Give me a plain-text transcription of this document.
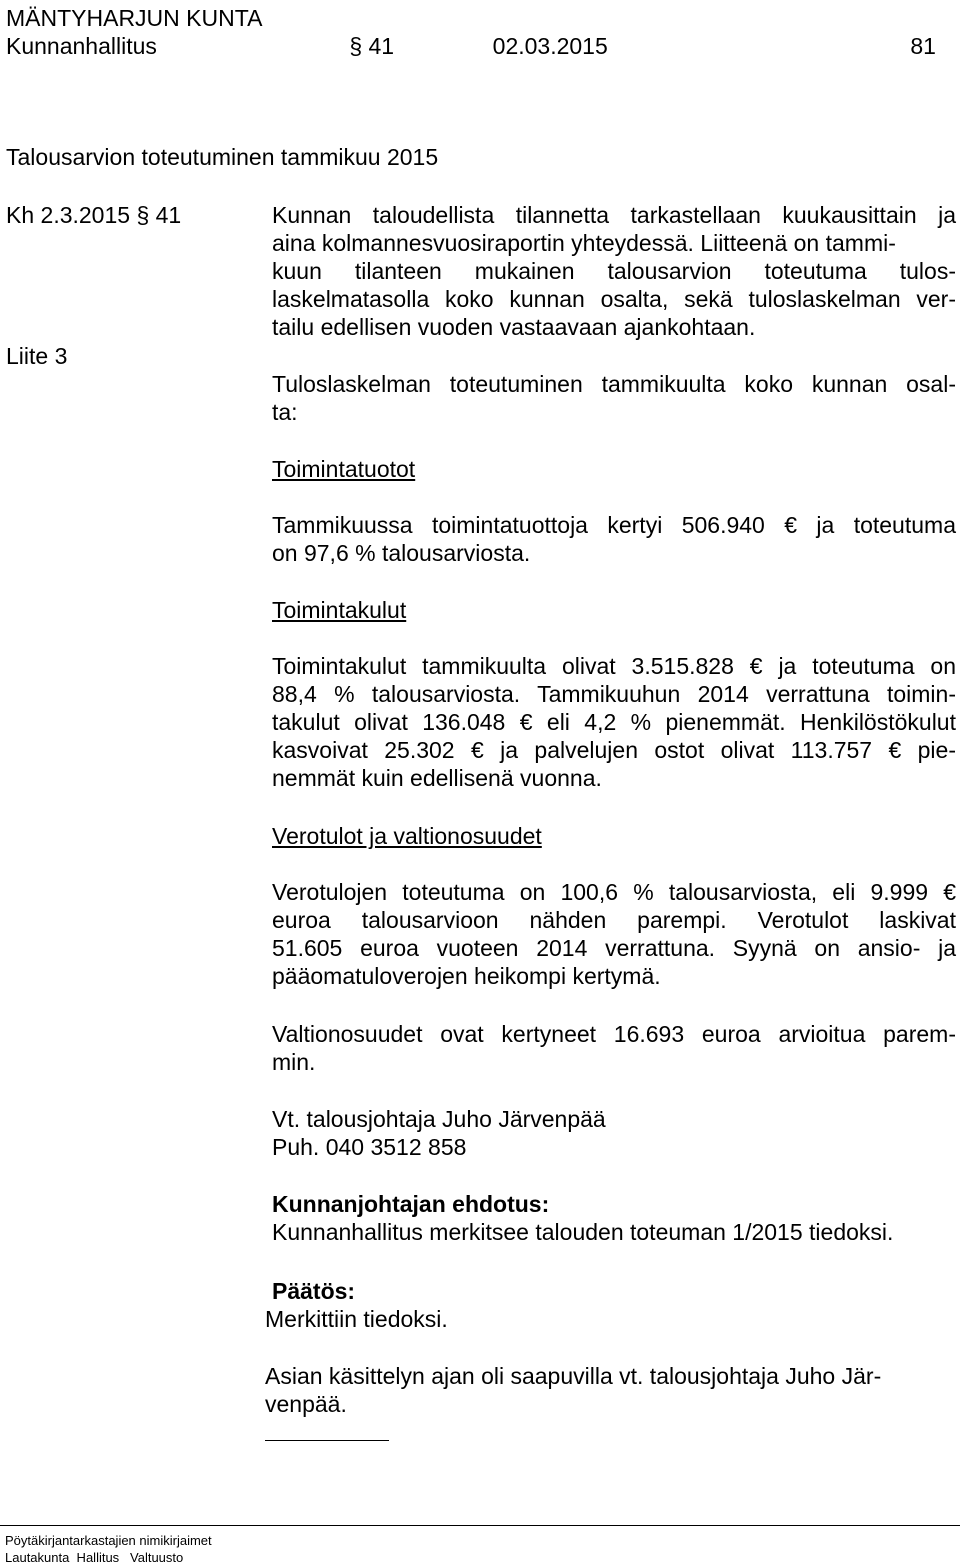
MÄNTYHARJUN KUNTA
Kunnanhallitus	§ 41	02.03.2015	81
Talousarvion toteutuminen tammikuu 2015
Kh 2.3.2015 § 41
Liite 3
Kunnan taloudellista tilannetta tarkastellaan kuukausittain ja
aina kolmannesvuosiraportin yhteydessä. Liitteenä on tammi-
kuun tilanteen mukainen talousarvion toteutuma tulos-
laskelmatasolla koko kunnan osalta, sekä tuloslaskelman ver-
tailu edellisen vuoden vastaavaan ajankohtaan.
Tuloslaskelman toteutuminen tammikuulta koko kunnan osal-
ta:
Toimintatuotot
Tammikuussa toimintatuottoja kertyi 506.940 € ja toteutuma
on 97,6 % talousarviosta.
Toimintakulut
Toimintakulut tammikuulta olivat 3.515.828 € ja toteutuma on
88,4 % talousarviosta. Tammikuuhun 2014 verrattuna toimin-
takulut olivat 136.048 € eli 4,2 % pienemmät. Henkilöstökulut
kasvoivat 25.302 € ja palvelujen ostot olivat 113.757 € pie-
nemmät kuin edellisenä vuonna.
Verotulot ja valtionosuudet
Verotulojen toteutuma on 100,6 % talousarviosta, eli 9.999 €
euroa talousarvioon nähden parempi. Verotulot laskivat
51.605 euroa vuoteen 2014 verrattuna. Syynä on ansio- ja
pääomatuloverojen heikompi kertymä.
Valtionosuudet ovat kertyneet 16.693 euroa arvioitua parem-
min.
Vt. talousjohtaja Juho Järvenpää
Puh. 040 3512 858
Kunnanjohtajan ehdotus:
Kunnanhallitus merkitsee talouden toteuman 1/2015 tiedoksi.
Päätös:
Merkittiin tiedoksi.
Asian käsittelyn ajan oli saapuvilla vt. talousjohtaja Juho Jär-
venpää.
Pöytäkirjantarkastajien nimikirjaimet
Lautakunta  Hallitus   Valtuusto
